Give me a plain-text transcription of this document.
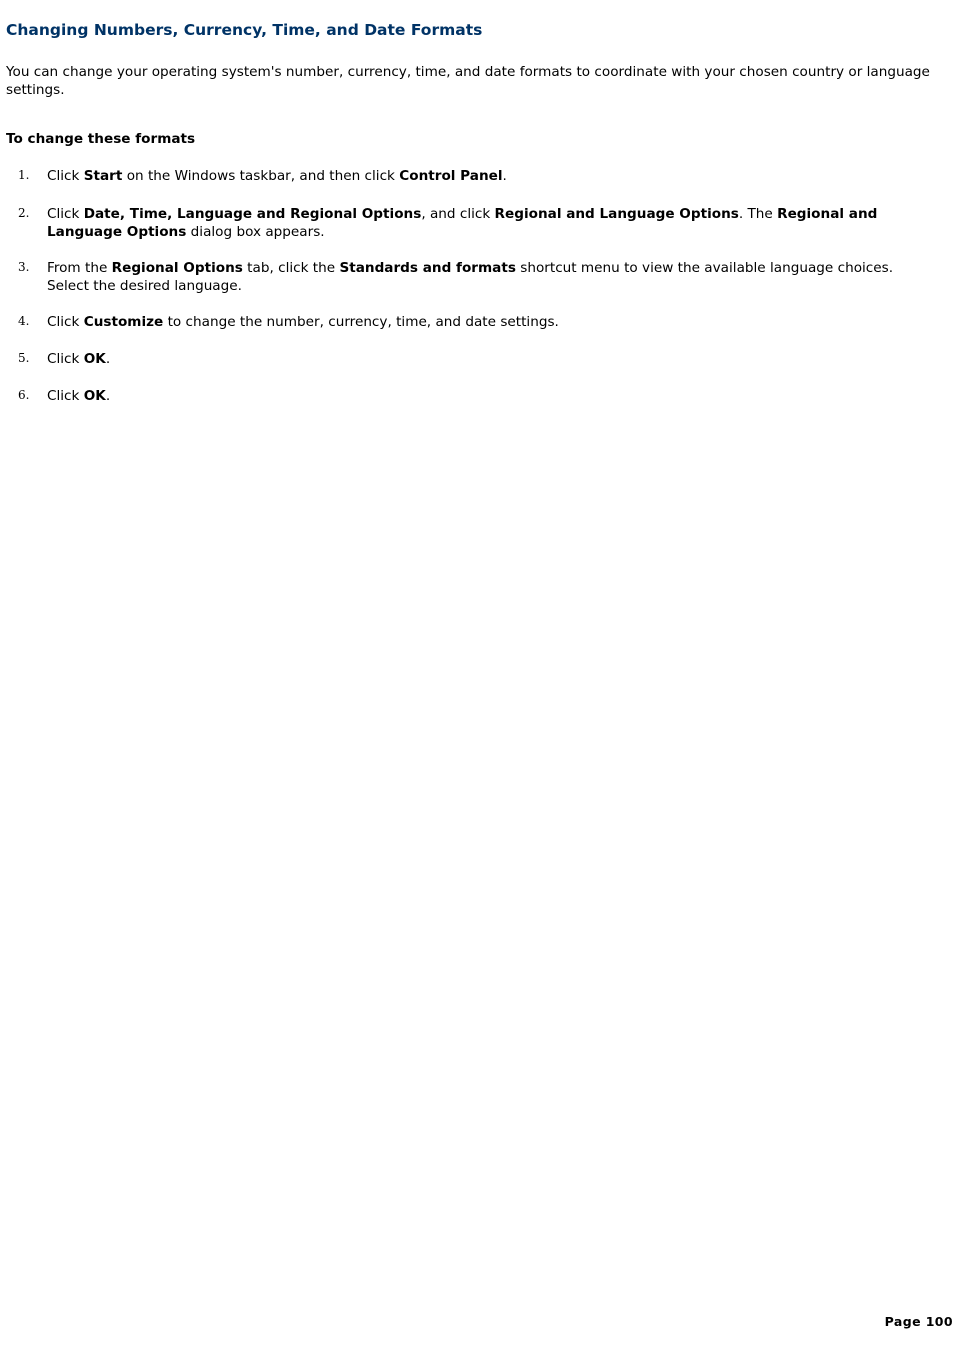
Changing Numbers, Currency, Time, and Date Formats

You can change your operating system's number, currency, time, and date formats to coordinate with your chosen country or language settings.

To change these formats
1. Click Start on the Windows taskbar, and then click Control Panel.
2. Click Date, Time, Language and Regional Options, and click Regional and Language Options. The Regional and Language Options dialog box appears.
3. From the Regional Options tab, click the Standards and formats shortcut menu to view the available language choices. Select the desired language.
4. Click Customize to change the number, currency, time, and date settings.
5. Click OK.
6. Click OK.
Page 100
